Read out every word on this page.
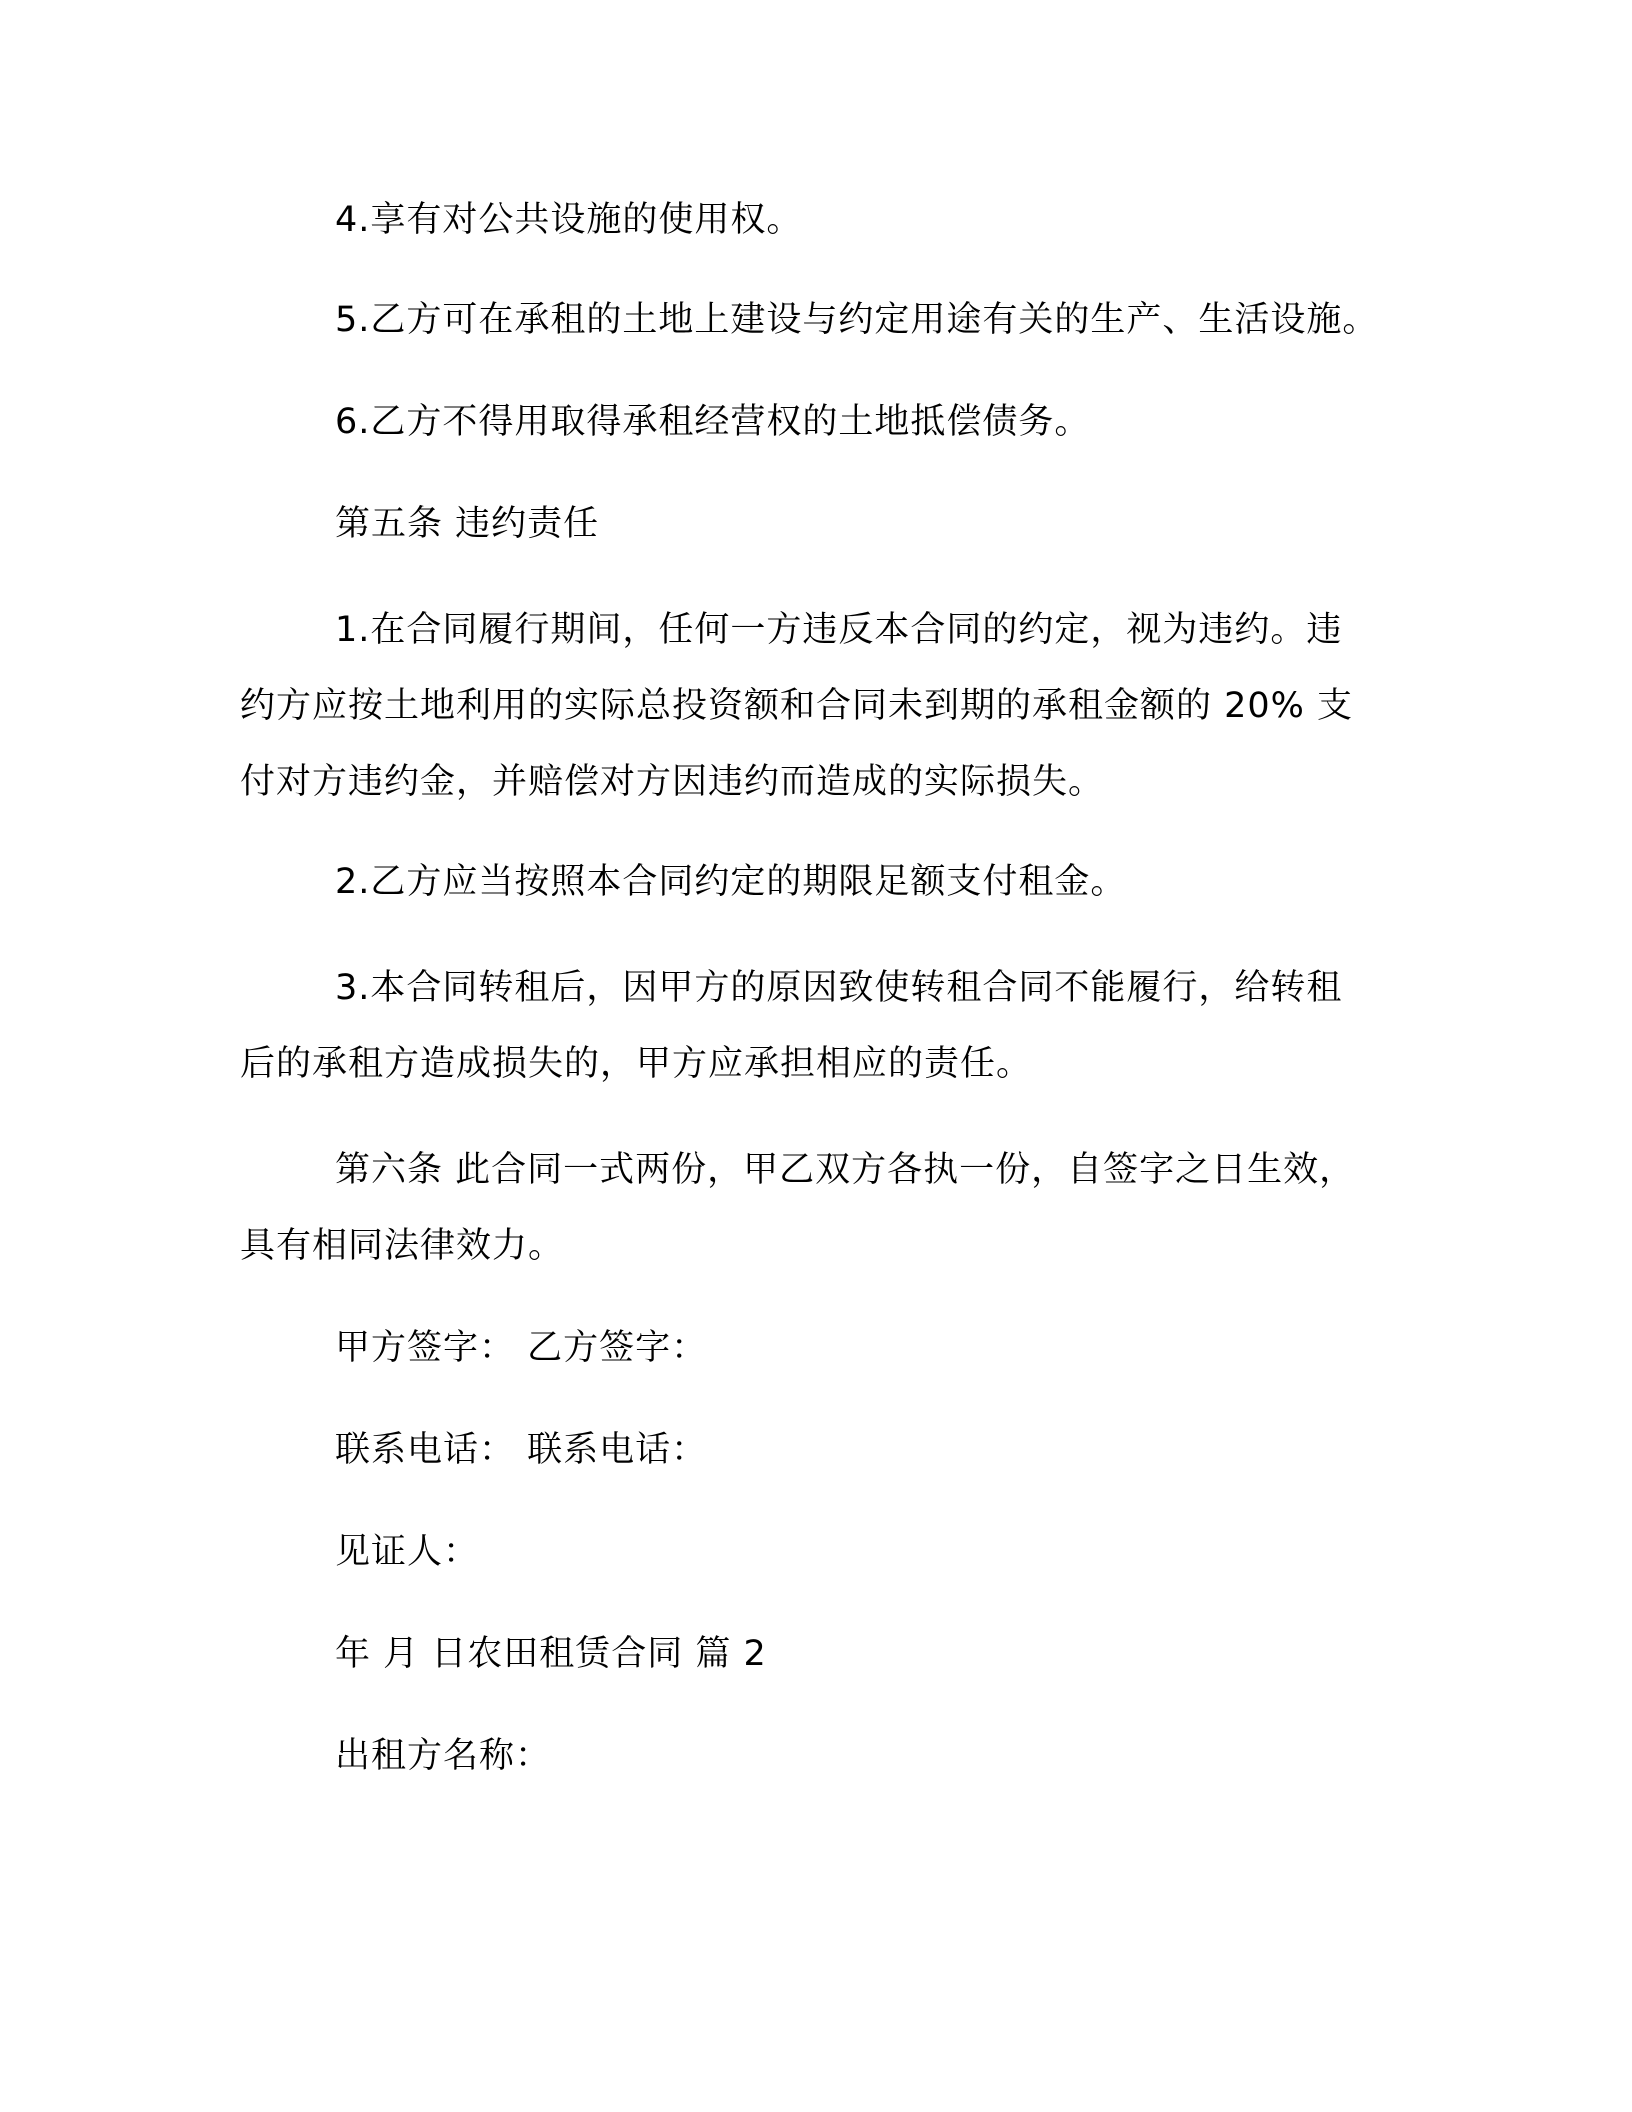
4.享有对公共设施的使用权。
5.乙方可在承租的土地上建设与约定用途有关的生产、生活设施。
6.乙方不得用取得承租经营权的土地抵偿债务。
第五条 违约责任
1.在合同履行期间，任何一方违反本合同的约定，视为违约。违
约方应按土地利用的实际总投资额和合同未到期的承租金额的 20% 支
付对方违约金，并赔偿对方因违约而造成的实际损失。
2.乙方应当按照本合同约定的期限足额支付租金。
3.本合同转租后，因甲方的原因致使转租合同不能履行，给转租
后的承租方造成损失的，甲方应承担相应的责任。
第六条 此合同一式两份，甲乙双方各执一份，自签字之日生效，
具有相同法律效力。
甲方签字： 乙方签字：
联系电话： 联系电话：
见证人：
年 月 日农田租赁合同 篇 2
出租方名称：
